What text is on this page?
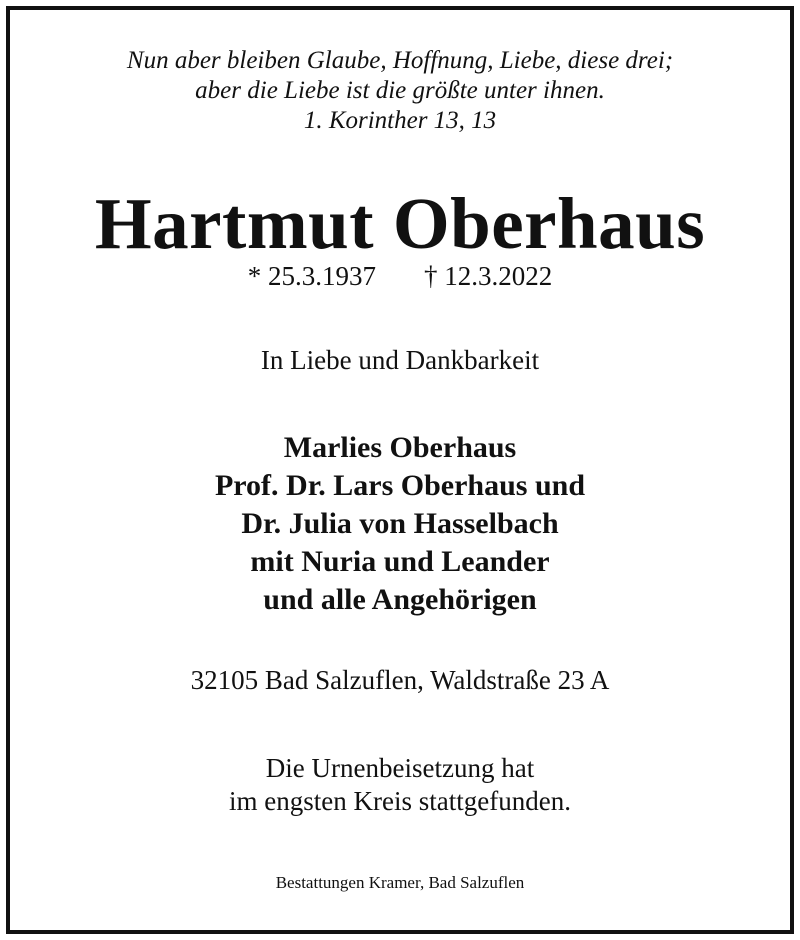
Nun aber bleiben Glaube, Hoffnung, Liebe, diese drei;
aber die Liebe ist die größte unter ihnen.
1. Korinther 13, 13
Hartmut Oberhaus
* 25.3.1937 † 12.3.2022
In Liebe und Dankbarkeit
Marlies Oberhaus
Prof. Dr. Lars Oberhaus und
Dr. Julia von Hasselbach
mit Nuria und Leander
und alle Angehörigen
32105 Bad Salzuflen, Waldstraße 23 A
Die Urnenbeisetzung hat
im engsten Kreis stattgefunden.
Bestattungen Kramer, Bad Salzuflen
